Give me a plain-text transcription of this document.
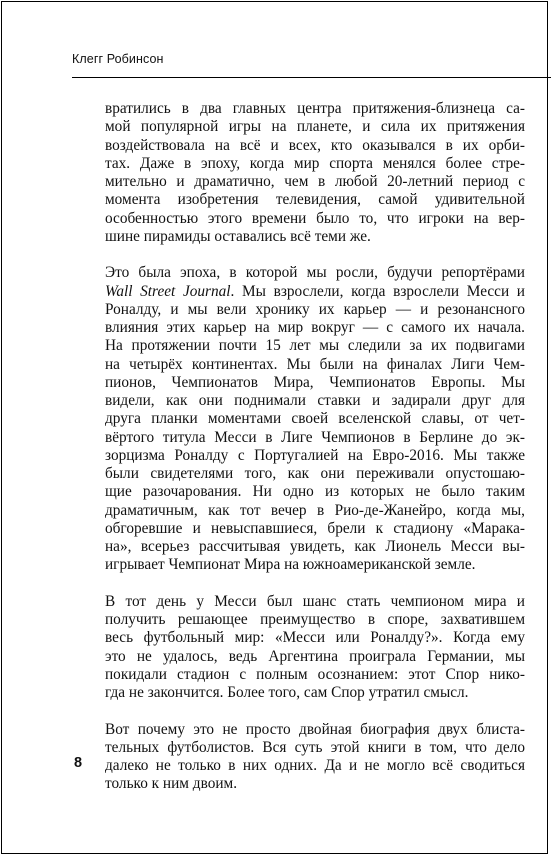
Клегг Робинсон

вратились в два главных центра притяжения-близнеца са-
мой популярной игры на планете, и сила их притяжения
воздействовала на всё и всех, кто оказывался в их орби-
тах. Даже в эпоху, когда мир спорта менялся более стре-
мительно и драматично, чем в любой 20-летний период с
момента изобретения телевидения, самой удивительной
особенностью этого времени было то, что игроки на вер-
шине пирамиды оставались всё теми же.

Это была эпоха, в которой мы росли, будучи репортёрами
Wall Street Journal. Мы взрослели, когда взрослели Месси и
Роналду, и мы вели хронику их карьер — и резонансного
влияния этих карьер на мир вокруг — с самого их начала.
На протяжении почти 15 лет мы следили за их подвигами
на четырёх континентах. Мы были на финалах Лиги Чем-
пионов, Чемпионатов Мира, Чемпионатов Европы. Мы
видели, как они поднимали ставки и задирали друг для
друга планки моментами своей вселенской славы, от чет-
вёртого титула Месси в Лиге Чемпионов в Берлине до эк-
зорцизма Роналду с Португалией на Евро-2016. Мы также
были свидетелями того, как они переживали опустошаю-
щие разочарования. Ни одно из которых не было таким
драматичным, как тот вечер в Рио-де-Жанейро, когда мы,
обгоревшие и невыспавшиеся, брели к стадиону «Марака-
на», всерьез рассчитывая увидеть, как Лионель Месси вы-
игрывает Чемпионат Мира на южноамериканской земле.

В тот день у Месси был шанс стать чемпионом мира и
получить решающее преимущество в споре, захватившем
весь футбольный мир: «Месси или Роналду?». Когда ему
это не удалось, ведь Аргентина проиграла Германии, мы
покидали стадион с полным осознанием: этот Спор нико-
гда не закончится. Более того, сам Спор утратил смысл.

Вот почему это не просто двойная биография двух блиста-
тельных футболистов. Вся суть этой книги в том, что дело
далеко не только в них одних. Да и не могло всё сводиться
только к ним двоим.

8
